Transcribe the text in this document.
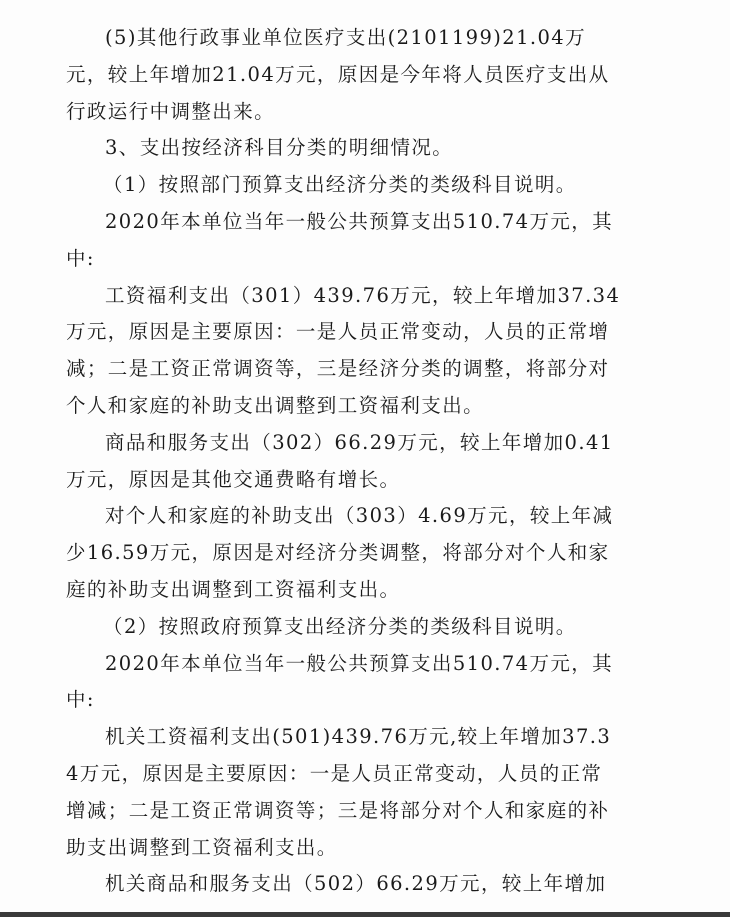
(5)其他行政事业单位医疗支出(2101199)21.04万元，较上年增加21.04万元，原因是今年将人员医疗支出从行政运行中调整出来。

3、支出按经济科目分类的明细情况。

（1）按照部门预算支出经济分类的类级科目说明。

2020年本单位当年一般公共预算支出510.74万元，其中:

工资福利支出（301）439.76万元，较上年增加37.34万元，原因是主要原因：一是人员正常变动，人员的正常增减；二是工资正常调资等，三是经济分类的调整，将部分对个人和家庭的补助支出调整到工资福利支出。

商品和服务支出（302）66.29万元，较上年增加0.41万元，原因是其他交通费略有增长。

对个人和家庭的补助支出（303）4.69万元，较上年减少16.59万元，原因是对经济分类调整，将部分对个人和家庭的补助支出调整到工资福利支出。

（2）按照政府预算支出经济分类的类级科目说明。

2020年本单位当年一般公共预算支出510.74万元，其中:

机关工资福利支出(501)439.76万元,较上年增加37.34万元，原因是主要原因：一是人员正常变动，人员的正常增减；二是工资正常调资等；三是将部分对个人和家庭的补助支出调整到工资福利支出。

机关商品和服务支出（502）66.29万元，较上年增加
